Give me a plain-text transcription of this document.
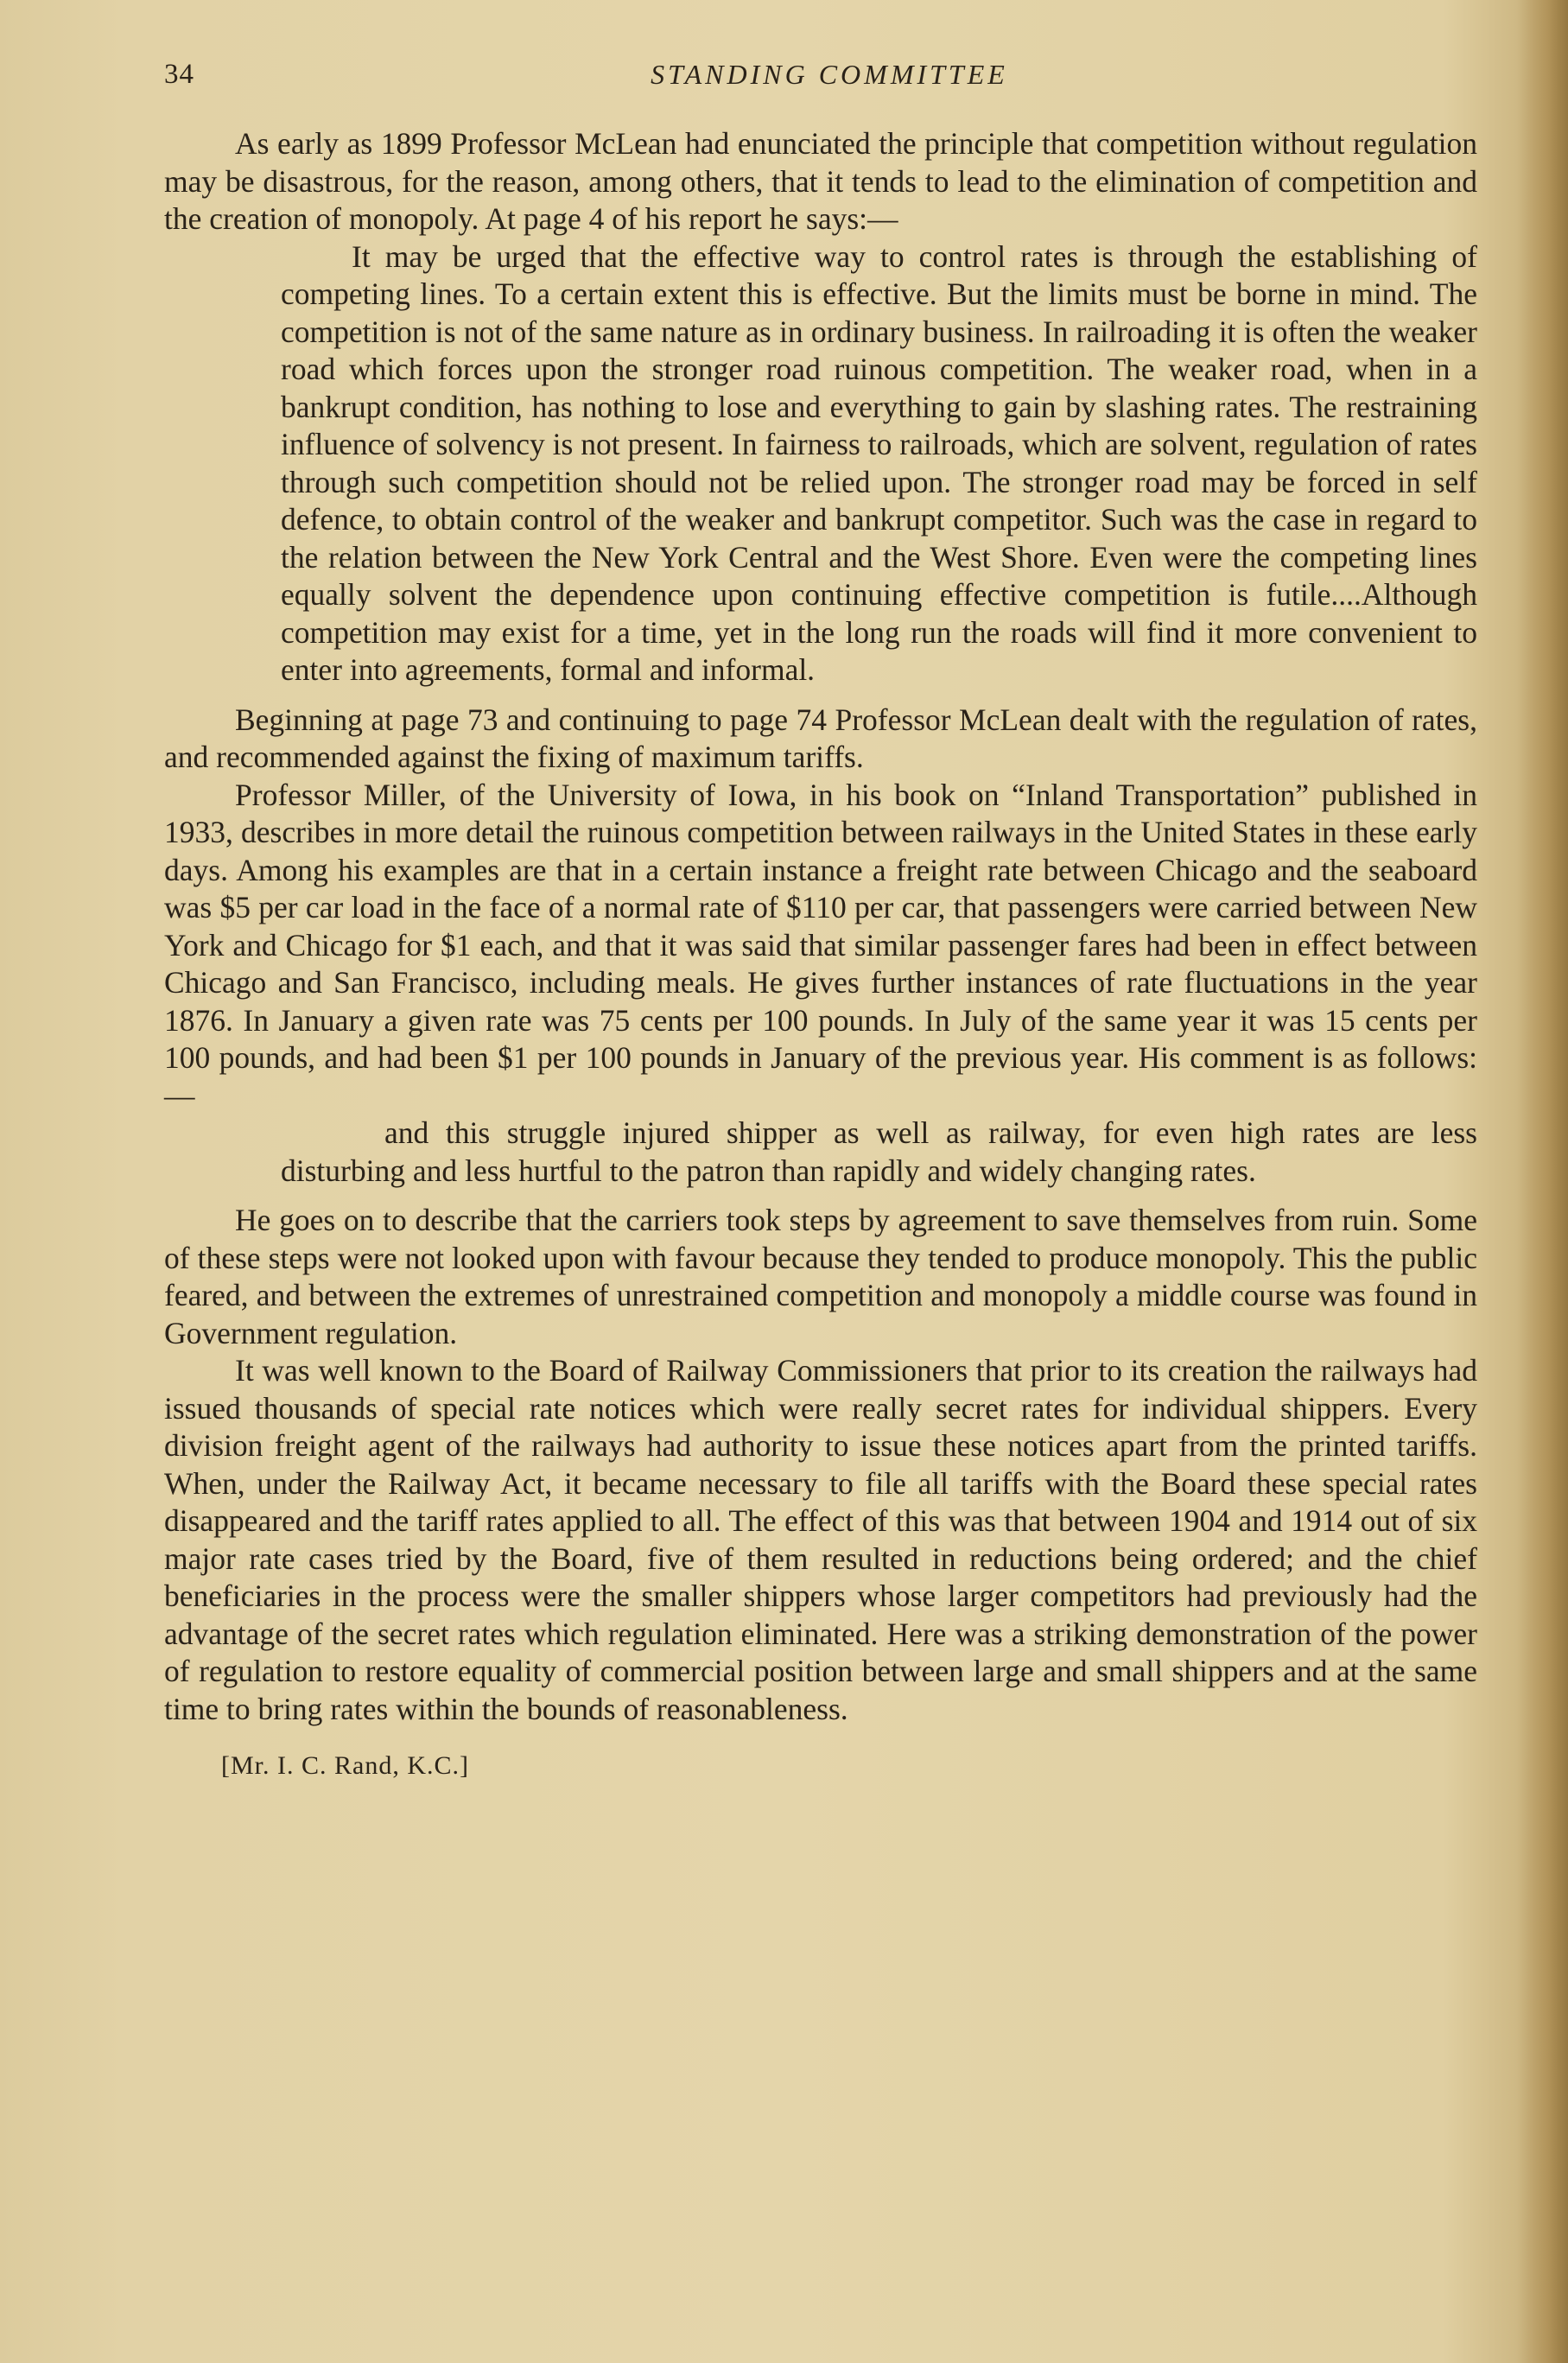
34	STANDING COMMITTEE

As early as 1899 Professor McLean had enunciated the principle that competition without regulation may be disastrous, for the reason, among others, that it tends to lead to the elimination of competition and the creation of monopoly. At page 4 of his report he says:—

It may be urged that the effective way to control rates is through the establishing of competing lines. To a certain extent this is effective. But the limits must be borne in mind. The competition is not of the same nature as in ordinary business. In railroading it is often the weaker road which forces upon the stronger road ruinous competition. The weaker road, when in a bankrupt condition, has nothing to lose and everything to gain by slashing rates. The restraining influence of solvency is not present. In fairness to railroads, which are solvent, regulation of rates through such competition should not be relied upon. The stronger road may be forced in self defence, to obtain control of the weaker and bankrupt competitor. Such was the case in regard to the relation between the New York Central and the West Shore. Even were the competing lines equally solvent the dependence upon continuing effective competition is futile....Although competition may exist for a time, yet in the long run the roads will find it more convenient to enter into agreements, formal and informal.

Beginning at page 73 and continuing to page 74 Professor McLean dealt with the regulation of rates, and recommended against the fixing of maximum tariffs.

Professor Miller, of the University of Iowa, in his book on “Inland Transportation” published in 1933, describes in more detail the ruinous competition between railways in the United States in these early days. Among his examples are that in a certain instance a freight rate between Chicago and the seaboard was $5 per car load in the face of a normal rate of $110 per car, that passengers were carried between New York and Chicago for $1 each, and that it was said that similar passenger fares had been in effect between Chicago and San Francisco, including meals. He gives further instances of rate fluctuations in the year 1876. In January a given rate was 75 cents per 100 pounds. In July of the same year it was 15 cents per 100 pounds, and had been $1 per 100 pounds in January of the previous year. His comment is as follows:—

and this struggle injured shipper as well as railway, for even high rates are less disturbing and less hurtful to the patron than rapidly and widely changing rates.

He goes on to describe that the carriers took steps by agreement to save themselves from ruin. Some of these steps were not looked upon with favour because they tended to produce monopoly. This the public feared, and between the extremes of unrestrained competition and monopoly a middle course was found in Government regulation.

It was well known to the Board of Railway Commissioners that prior to its creation the railways had issued thousands of special rate notices which were really secret rates for individual shippers. Every division freight agent of the railways had authority to issue these notices apart from the printed tariffs. When, under the Railway Act, it became necessary to file all tariffs with the Board these special rates disappeared and the tariff rates applied to all. The effect of this was that between 1904 and 1914 out of six major rate cases tried by the Board, five of them resulted in reductions being ordered; and the chief beneficiaries in the process were the smaller shippers whose larger competitors had previously had the advantage of the secret rates which regulation eliminated. Here was a striking demonstration of the power of regulation to restore equality of commercial position between large and small shippers and at the same time to bring rates within the bounds of reasonableness.

[Mr. I. C. Rand, K.C.]
